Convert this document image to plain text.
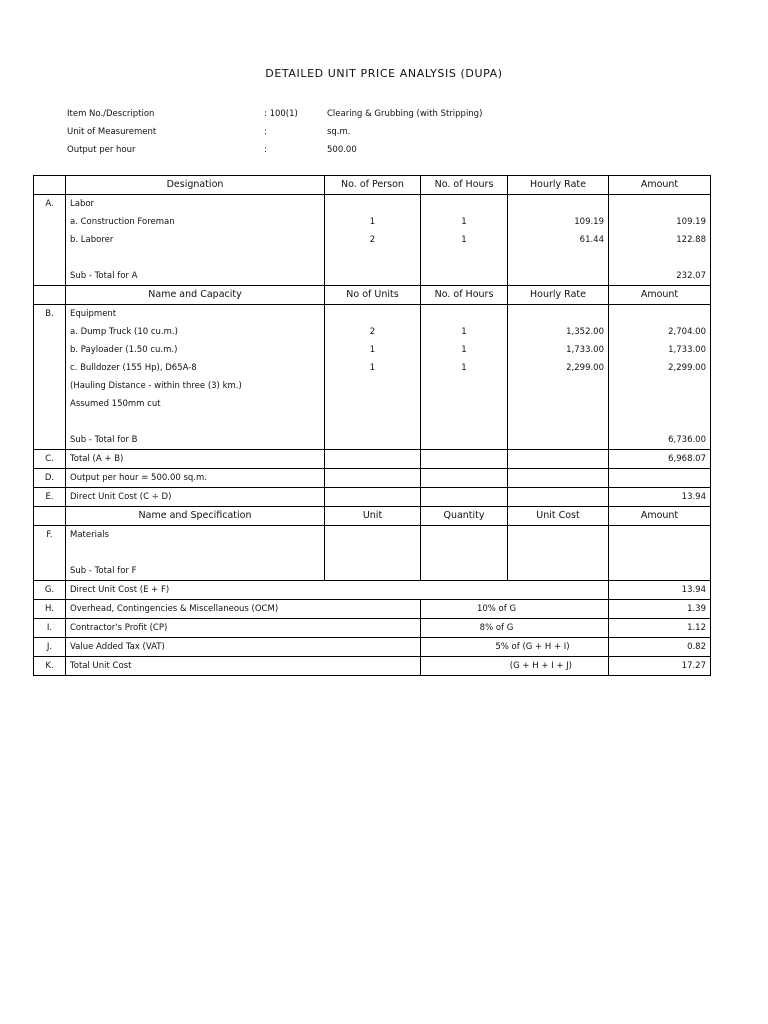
DETAILED UNIT PRICE ANALYSIS (DUPA)
Item No./Description	: 100(1)	Clearing & Grubbing (with Stripping)
Unit of Measurement	:	sq.m.
Output per hour	:	500.00
	Designation	No. of Person	No. of Hours	Hourly Rate	Amount
A.	Labor				
	a. Construction Foreman	1	1	109.19	109.19
	b. Laborer	2	1	61.44	122.88

	Sub - Total for A				232.07
	Name and Capacity	No of Units	No. of Hours	Hourly Rate	Amount
B.	Equipment				
	a. Dump Truck (10 cu.m.)	2	1	1,352.00	2,704.00
	b. Payloader (1.50 cu.m.)	1	1	1,733.00	1,733.00
	c. Bulldozer (155 Hp), D65A-8	1	1	2,299.00	2,299.00
	(Hauling Distance - within three (3) km.)				
	Assumed 150mm cut				

	Sub - Total for B				6,736.00
C.	Total (A + B)				6,968.07
D.	Output per hour = 500.00 sq.m.				
E.	Direct Unit Cost (C ÷ D)				13.94
	Name and Specification	Unit	Quantity	Unit Cost	Amount
F.	Materials				

	Sub - Total for F				
G.	Direct Unit Cost (E + F)				13.94
H.	Overhead, Contingencies & Miscellaneous (OCM)		10% of G		1.39
I.	Contractor's Profit (CP)		8% of G		1.12
J.	Value Added Tax (VAT)		5% of (G + H + I)		0.82
K.	Total Unit Cost		(G + H + I + J)		17.27
